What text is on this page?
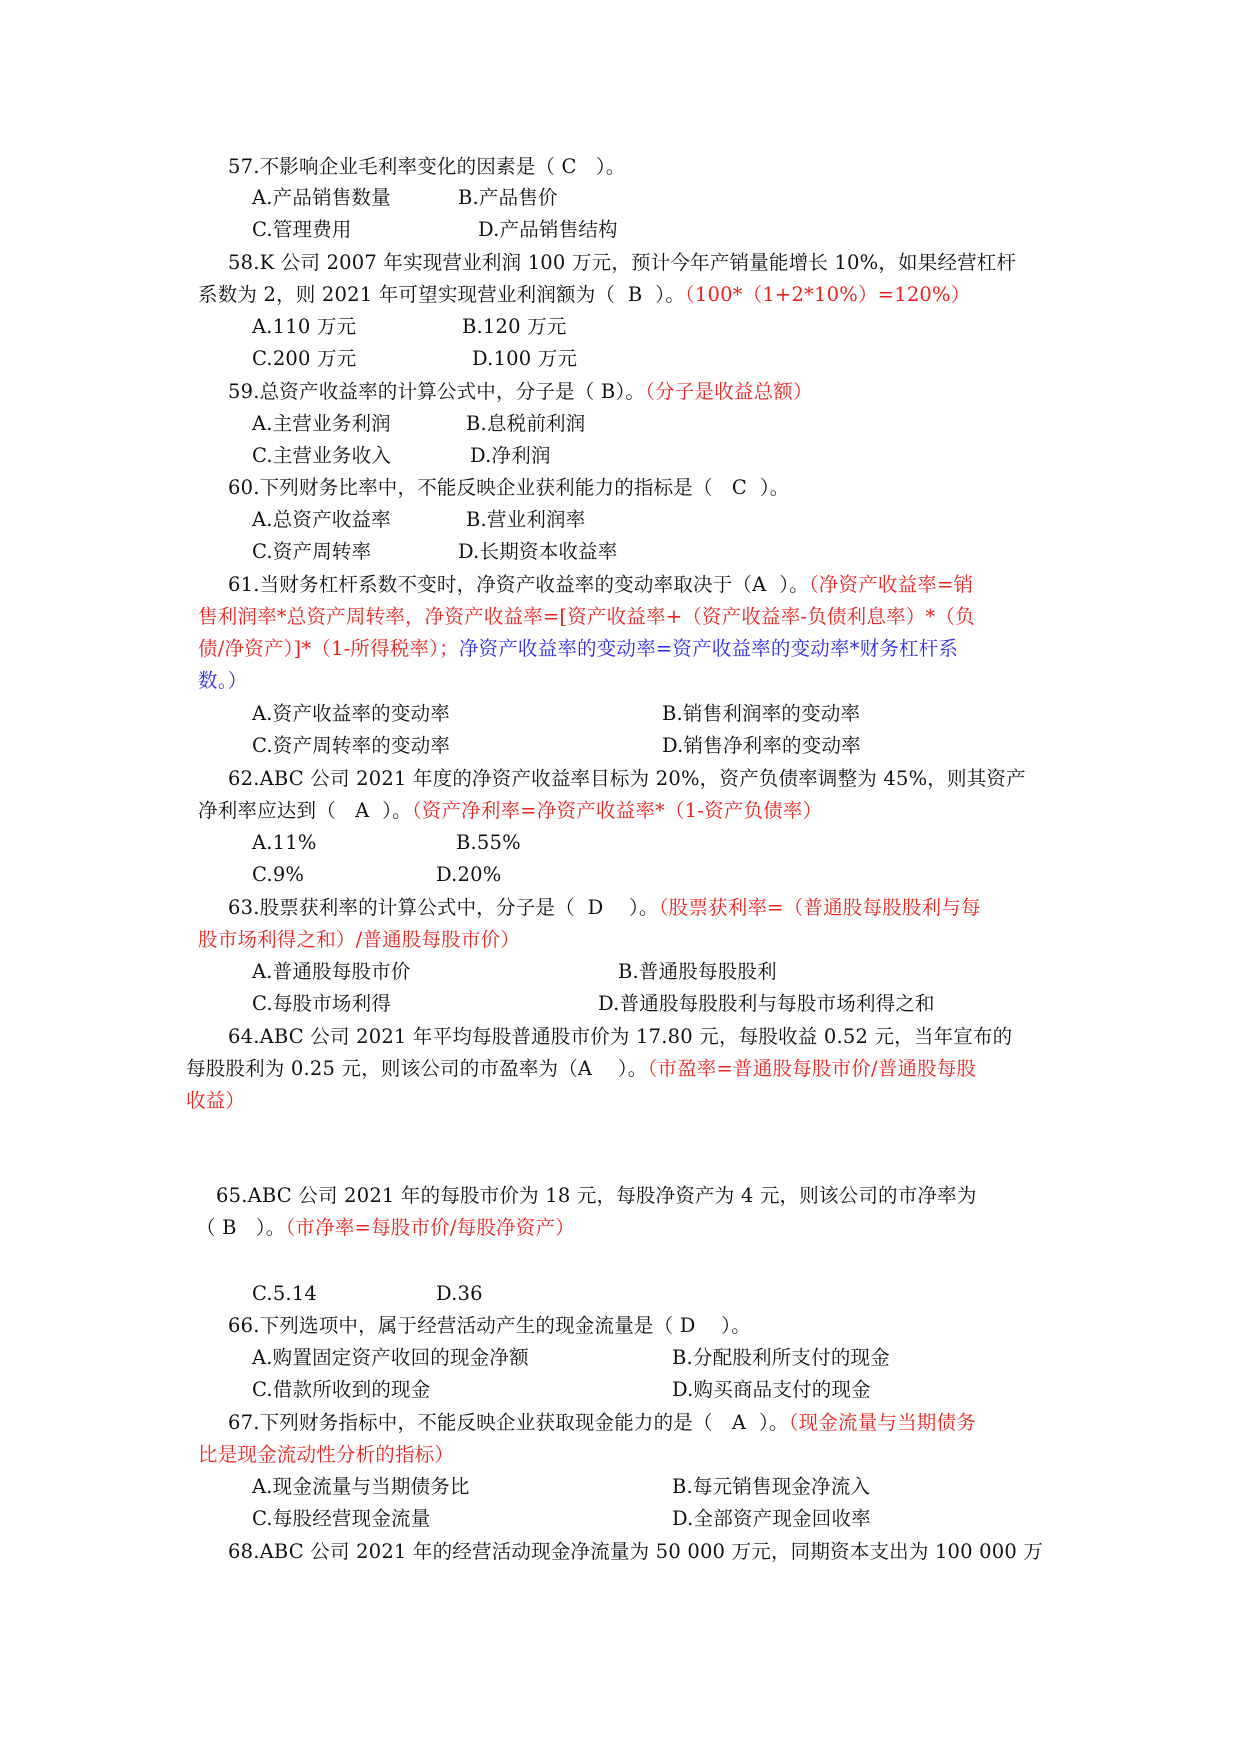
57.不影响企业毛利率变化的因素是（ C   ）。
A.产品销售数量	B.产品售价
C.管理费用	D.产品销售结构
58.K 公司 2007 年实现营业利润 100 万元，预计今年产销量能增长 10%，如果经营杠杆
系数为 2，则 2021 年可望实现营业利润额为（  B  ）。（100*（1+2*10%）=120%）
A.110 万元	B.120 万元
C.200 万元	D.100 万元
59.总资产收益率的计算公式中，分子是（ B）。（分子是收益总额）
A.主营业务利润	B.息税前利润
C.主营业务收入	D.净利润
60.下列财务比率中，不能反映企业获利能力的指标是（   C  ）。
A.总资产收益率	B.营业利润率
C.资产周转率	D.长期资本收益率
61.当财务杠杆系数不变时，净资产收益率的变动率取决于（A  ）。（净资产收益率=销
售利润率*总资产周转率，净资产收益率=[资产收益率+（资产收益率-负债利息率）*（负
债/净资产）]*（1-所得税率）；净资产收益率的变动率=资产收益率的变动率*财务杠杆系
数。）
A.资产收益率的变动率	B.销售利润率的变动率
C.资产周转率的变动率	D.销售净利率的变动率
62.ABC 公司 2021 年度的净资产收益率目标为 20%，资产负债率调整为 45%，则其资产
净利率应达到（   A  ）。（资产净利率=净资产收益率*（1-资产负债率）
A.11%	B.55%
C.9%	D.20%
63.股票获利率的计算公式中，分子是（  D    ）。（股票获利率=（普通股每股股利与每
股市场利得之和）/普通股每股市价）
A.普通股每股市价	B.普通股每股股利
C.每股市场利得	D.普通股每股股利与每股市场利得之和
64.ABC 公司 2021 年平均每股普通股市价为 17.80 元，每股收益 0.52 元，当年宣布的
每股股利为 0.25 元，则该公司的市盈率为（A    ）。（市盈率=普通股每股市价/普通股每股
收益）
65.ABC 公司 2021 年的每股市价为 18 元，每股净资产为 4 元，则该公司的市净率为
（ B   ）。（市净率=每股市价/每股净资产）
C.5.14	D.36
66.下列选项中，属于经营活动产生的现金流量是（ D    ）。
A.购置固定资产收回的现金净额	B.分配股利所支付的现金
C.借款所收到的现金	D.购买商品支付的现金
67.下列财务指标中，不能反映企业获取现金能力的是（   A  ）。（现金流量与当期债务
比是现金流动性分析的指标）
A.现金流量与当期债务比	B.每元销售现金净流入
C.每股经营现金流量	D.全部资产现金回收率
68.ABC 公司 2021 年的经营活动现金净流量为 50 000 万元，同期资本支出为 100 000 万
